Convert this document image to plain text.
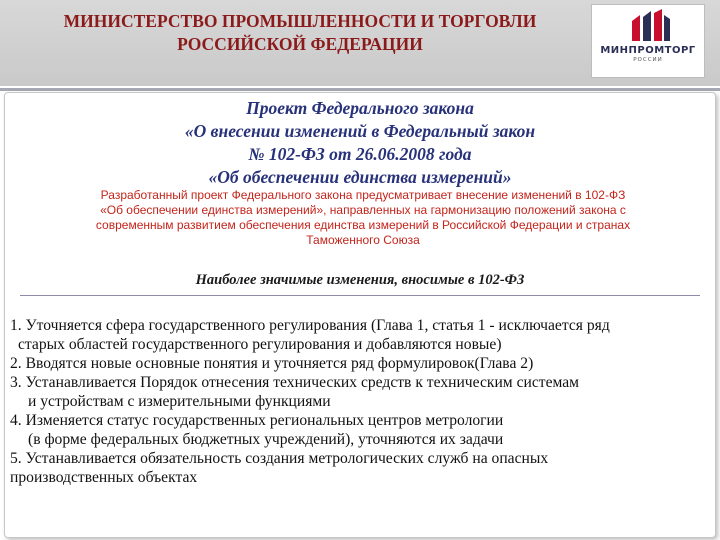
МИНИСТЕРСТВО ПРОМЫШЛЕННОСТИ И ТОРГОВЛИ
РОССИЙСКОЙ ФЕДЕРАЦИИ	МИНПРОМТОРГ
РОССИИ
Проект Федерального закона
«О внесении изменений в Федеральный закон
№ 102-ФЗ от 26.06.2008 года
«Об обеспечении единства измерений»
Разработанный проект Федерального закона предусматривает внесение изменений в 102-ФЗ
«Об обеспечении единства измерений», направленных на гармонизацию положений закона с
современным развитием обеспечения единства измерений в Российской Федерации и странах
Таможенного Союза
Наиболее значимые изменения, вносимые в 102-ФЗ
1. Уточняется сфера государственного регулирования (Глава 1, статья 1 - исключается ряд
старых областей государственного регулирования и добавляются новые)
2. Вводятся новые основные понятия и уточняется ряд формулировок(Глава 2)
3. Устанавливается Порядок отнесения технических средств к техническим системам
и устройствам с измерительными функциями
4. Изменяется статус государственных региональных центров метрологии
(в форме федеральных бюджетных учреждений), уточняются их задачи
5. Устанавливается обязательность создания метрологических служб на опасных
производственных объектах
